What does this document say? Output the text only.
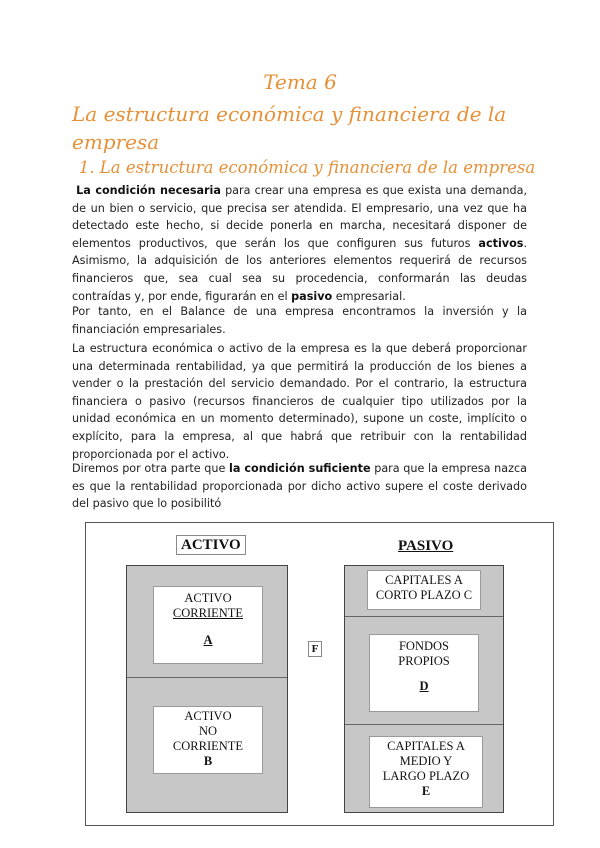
Tema 6
La estructura económica y financiera de la empresa
1. La estructura económica y financiera de la empresa
La condición necesaria para crear una empresa es que exista una demanda, de un bien o servicio, que precisa ser atendida. El empresario, una vez que ha detectado este hecho, si decide ponerla en marcha, necesitará disponer de elementos productivos, que serán los que configuren sus futuros activos. Asimismo, la adquisición de los anteriores elementos requerirá de recursos financieros que, sea cual sea su procedencia, conformarán las deudas contraídas y, por ende, figurarán en el pasivo empresarial.
Por tanto, en el Balance de una empresa encontramos la inversión y la financiación empresariales.
La estructura económica o activo de la empresa es la que deberá proporcionar una determinada rentabilidad, ya que permitirá la producción de los bienes a vender o la prestación del servicio demandado. Por el contrario, la estructura financiera o pasivo (recursos financieros de cualquier tipo utilizados por la unidad económica en un momento determinado), supone un coste, implícito o explícito, para la empresa, al que habrá que retribuir con la rentabilidad proporcionada por el activo.
Diremos por otra parte que la condición suficiente para que la empresa nazca es que la rentabilidad proporcionada por dicho activo supere el coste derivado del pasivo que lo posibilitó
ACTIVO	PASIVO
ACTIVO
CORRIENTE
A
ACTIVO
NO
CORRIENTE
B
F
CAPITALES A
CORTO PLAZO C
FONDOS
PROPIOS
D
CAPITALES A
MEDIO Y
LARGO PLAZO
E
